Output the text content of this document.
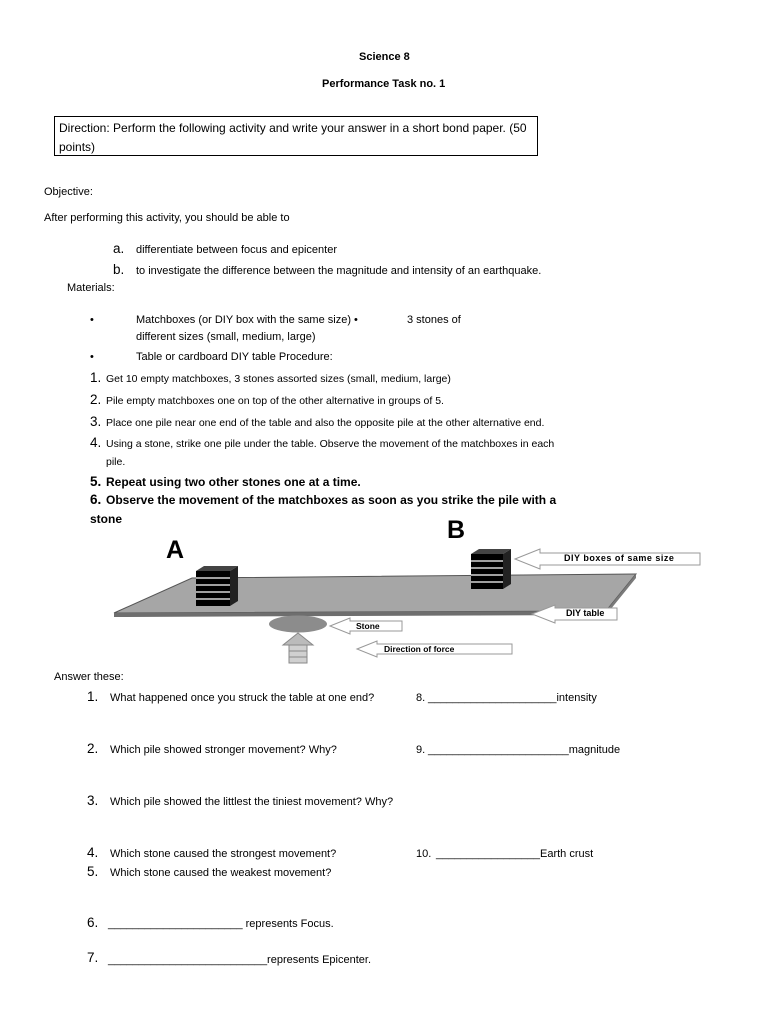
Science 8
Performance Task no. 1
Direction: Perform the following activity and write your answer in a short bond paper. (50 points)
Objective:
After performing this activity, you should be able to
a. differentiate between focus and epicenter
b. to investigate the difference between the magnitude and intensity of an earthquake.
Materials:
•	Matchboxes (or DIY box with the same size) •	3 stones of
different sizes (small, medium, large)
•	Table or cardboard DIY table Procedure:
1. Get 10 empty matchboxes, 3 stones assorted sizes (small, medium, large)
2. Pile empty matchboxes one on top of the other alternative in groups of 5.
3. Place one pile near one end of the table and also the opposite pile at the other alternative end.
4. Using a stone, strike one pile under the table. Observe the movement of the matchboxes in each
pile.
5. Repeat using two other stones one at a time.
6. Observe the movement of the matchboxes as soon as you strike the pile with a
stone
A
B
DIY boxes of same size
DIY table
Stone
Direction of force
Answer these:
1. What happened once you struck the table at one end?
2. Which pile showed stronger movement? Why?
3. Which pile showed the littlest the tiniest movement? Why?
4. Which stone caused the strongest movement?
5. Which stone caused the weakest movement?
6. ______________________ represents Focus.
7. __________________________represents Epicenter.
8. _____________________intensity
9. _______________________magnitude
10. _________________Earth crust
